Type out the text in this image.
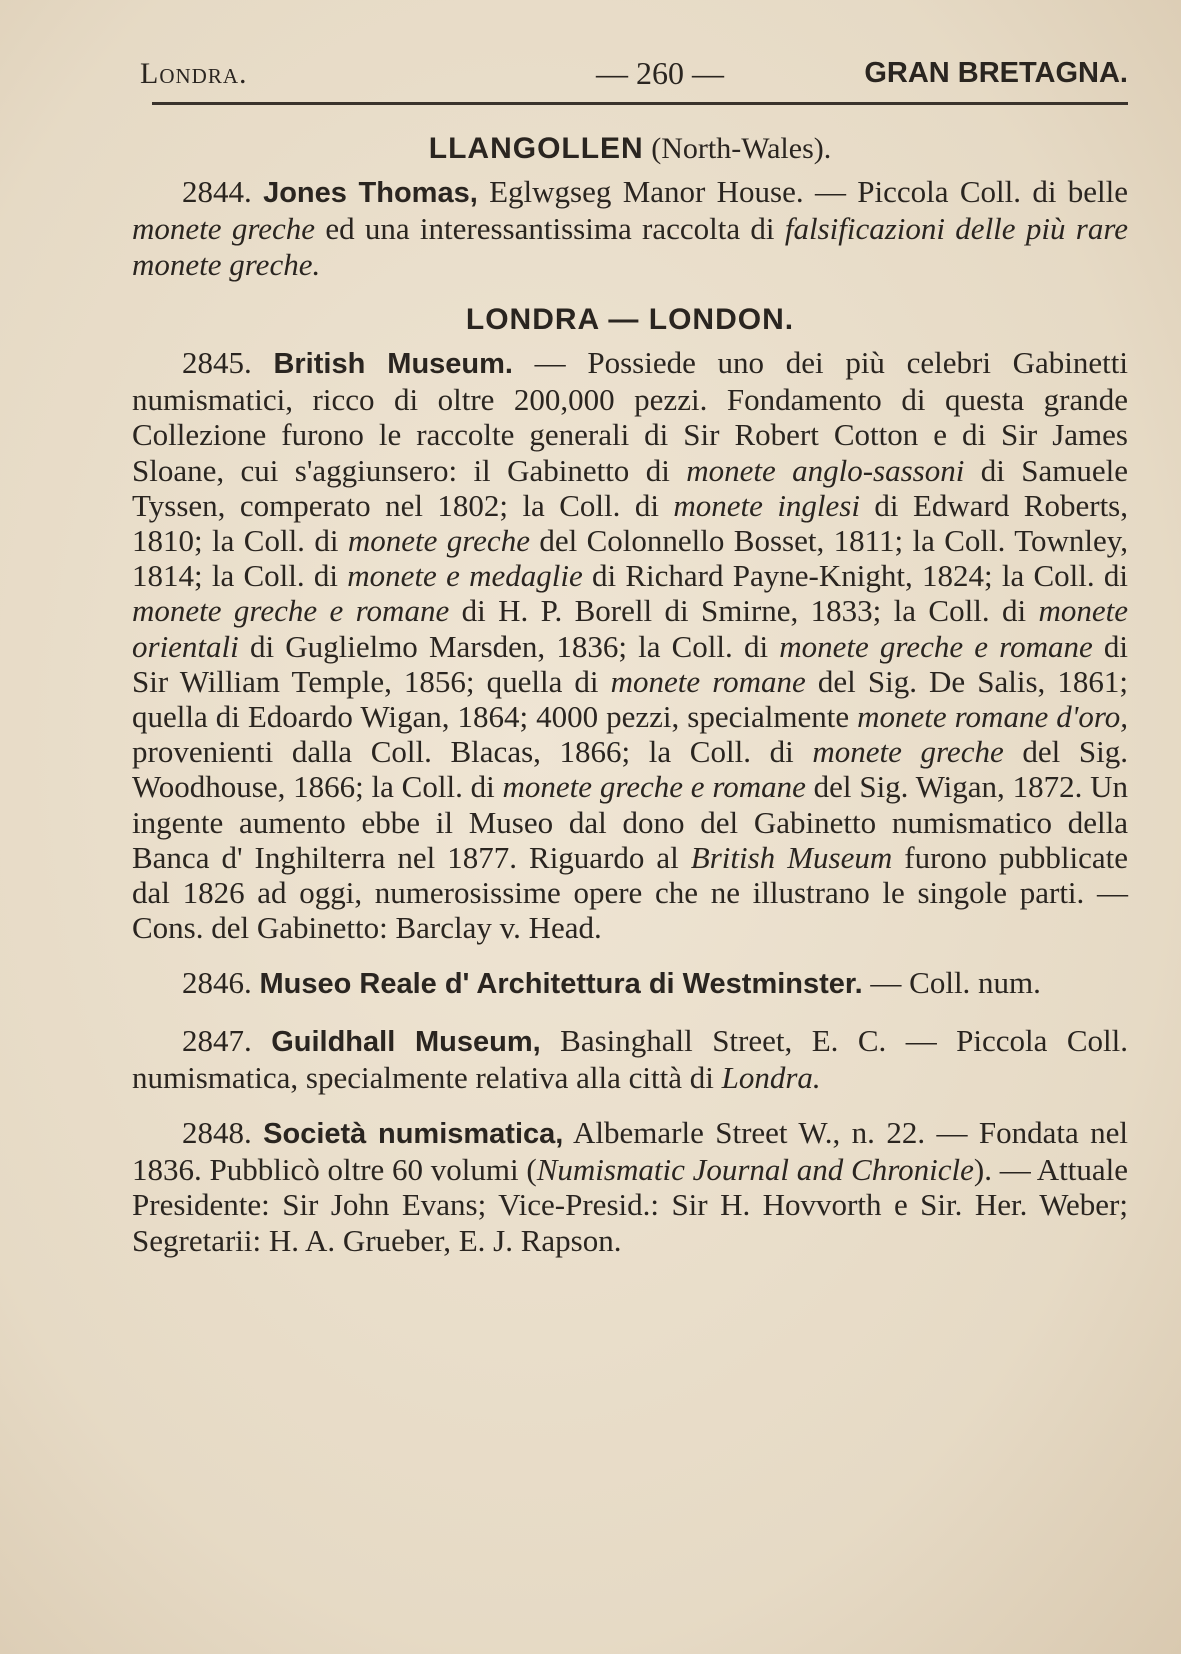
Londra.	— 260 —	GRAN BRETAGNA.
LLANGOLLEN (North-Wales).

2844. Jones Thomas, Eglwgseg Manor House. — Piccola Coll. di belle monete greche ed una interessantissima raccolta di falsificazioni delle più rare monete greche.

LONDRA — LONDON.

2845. British Museum. — Possiede uno dei più celebri Gabinetti numismatici, ricco di oltre 200,000 pezzi. Fondamento di questa grande Collezione furono le raccolte generali di Sir Robert Cotton e di Sir James Sloane, cui s'aggiunsero: il Gabinetto di monete anglo-sassoni di Samuele Tyssen, comperato nel 1802; la Coll. di monete inglesi di Edward Roberts, 1810; la Coll. di monete greche del Colonnello Bosset, 1811; la Coll. Townley, 1814; la Coll. di monete e medaglie di Richard Payne-Knight, 1824; la Coll. di monete greche e romane di H. P. Borell di Smirne, 1833; la Coll. di monete orientali di Guglielmo Marsden, 1836; la Coll. di monete greche e romane di Sir William Temple, 1856; quella di monete romane del Sig. De Salis, 1861; quella di Edoardo Wigan, 1864; 4000 pezzi, specialmente monete romane d'oro, provenienti dalla Coll. Blacas, 1866; la Coll. di monete greche del Sig. Woodhouse, 1866; la Coll. di monete greche e romane del Sig. Wigan, 1872. Un ingente aumento ebbe il Museo dal dono del Gabinetto numismatico della Banca d' Inghilterra nel 1877. Riguardo al British Museum furono pubblicate dal 1826 ad oggi, numerosissime opere che ne illustrano le singole parti. — Cons. del Gabinetto: Barclay v. Head.

2846. Museo Reale d' Architettura di Westminster. — Coll. num.

2847. Guildhall Museum, Basinghall Street, E. C. — Piccola Coll. numismatica, specialmente relativa alla città di Londra.

2848. Società numismatica, Albemarle Street W., n. 22. — Fondata nel 1836. Pubblicò oltre 60 volumi (Numismatic Journal and Chronicle). — Attuale Presidente: Sir John Evans; Vice-Presid.: Sir H. Hovvorth e Sir. Her. Weber; Segretarii: H. A. Grueber, E. J. Rapson.
